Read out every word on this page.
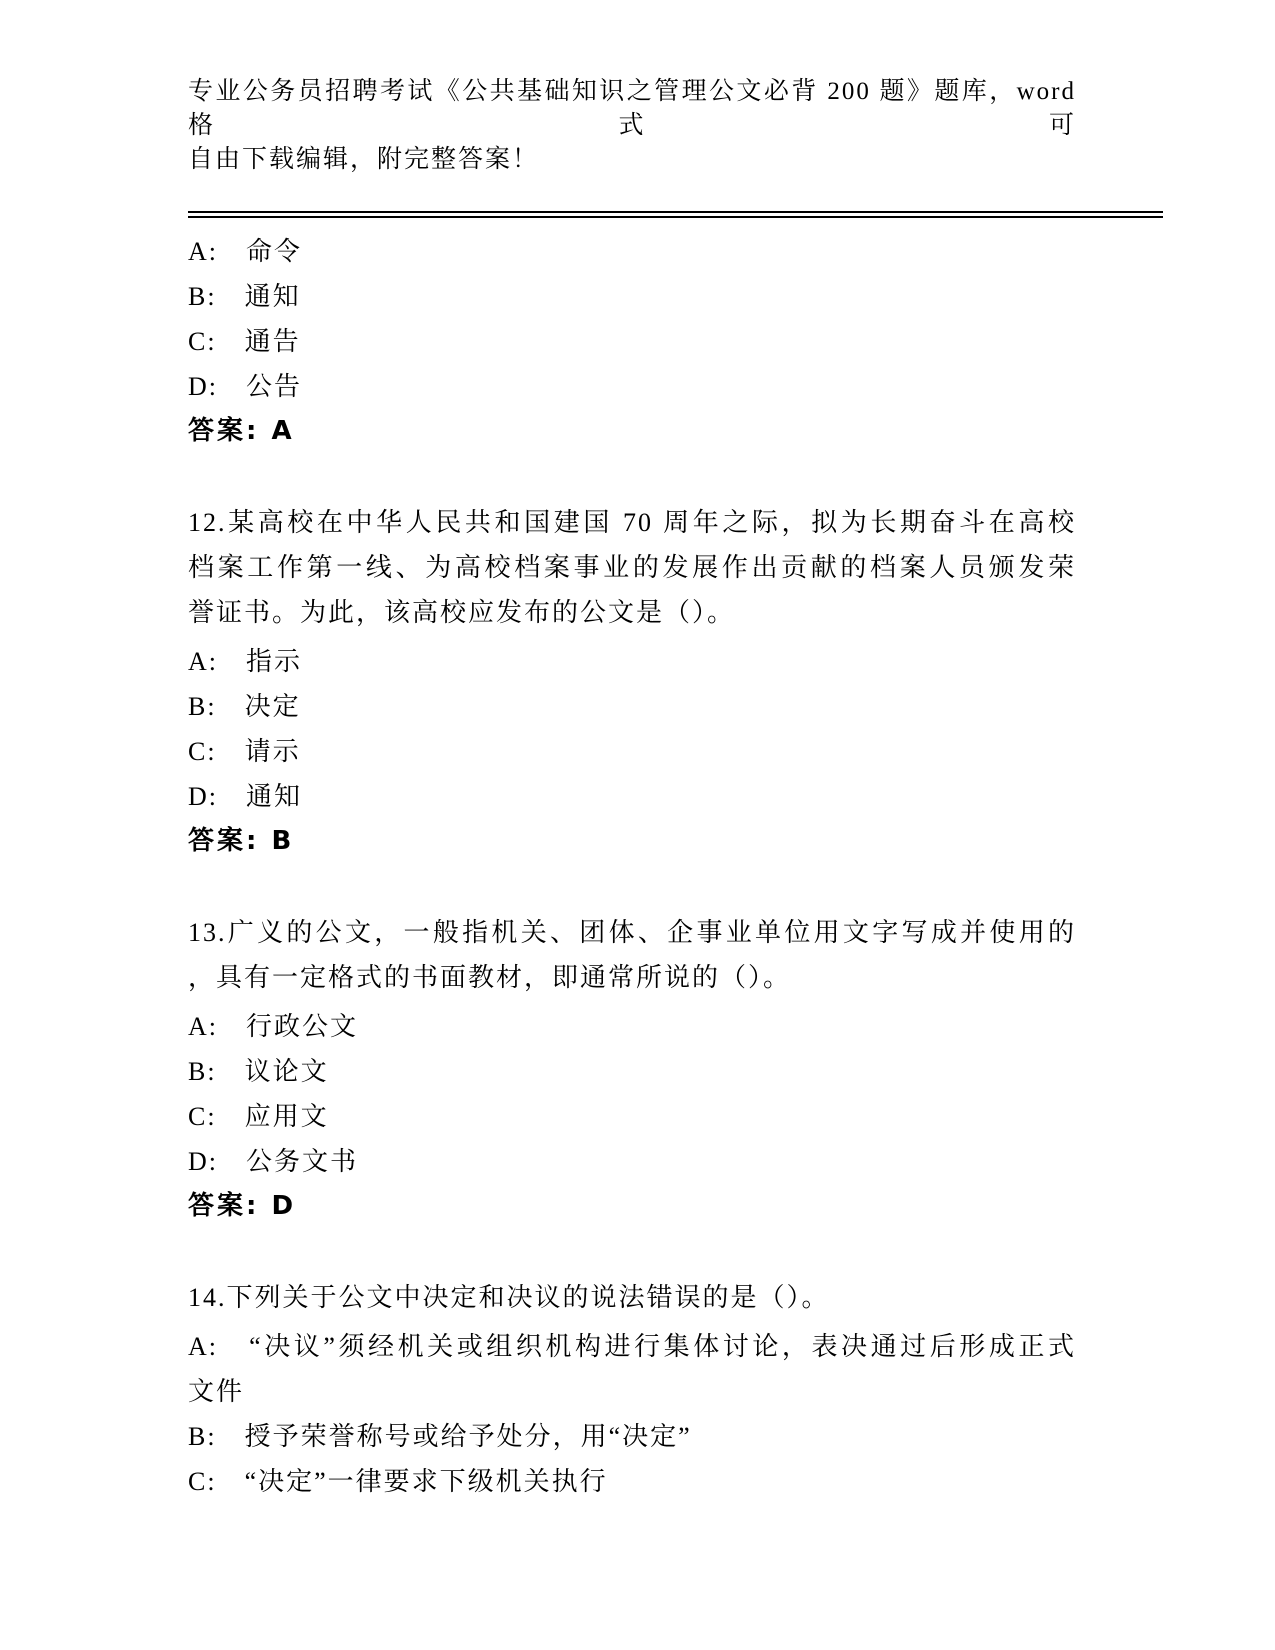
专业公务员招聘考试《公共基础知识之管理公文必背 200 题》题库，word 格式可
自由下载编辑，附完整答案！
A:　命令
B:　通知
C:　通告
D:　公告
答案: A
12.某高校在中华人民共和国建国 70 周年之际，拟为长期奋斗在高校
档案工作第一线、为高校档案事业的发展作出贡献的档案人员颁发荣
誉证书。为此，该高校应发布的公文是（）。
A:　指示
B:　决定
C:　请示
D:　通知
答案: B
13.广义的公文，一般指机关、团体、企事业单位用文字写成并使用的
，具有一定格式的书面教材，即通常所说的（）。
A:　行政公文
B:　议论文
C:　应用文
D:　公务文书
答案: D
14.下列关于公文中决定和决议的说法错误的是（）。
A:　“决议”须经机关或组织机构进行集体讨论，表决通过后形成正式
文件
B:　授予荣誉称号或给予处分，用“决定”
C:　“决定”一律要求下级机关执行
